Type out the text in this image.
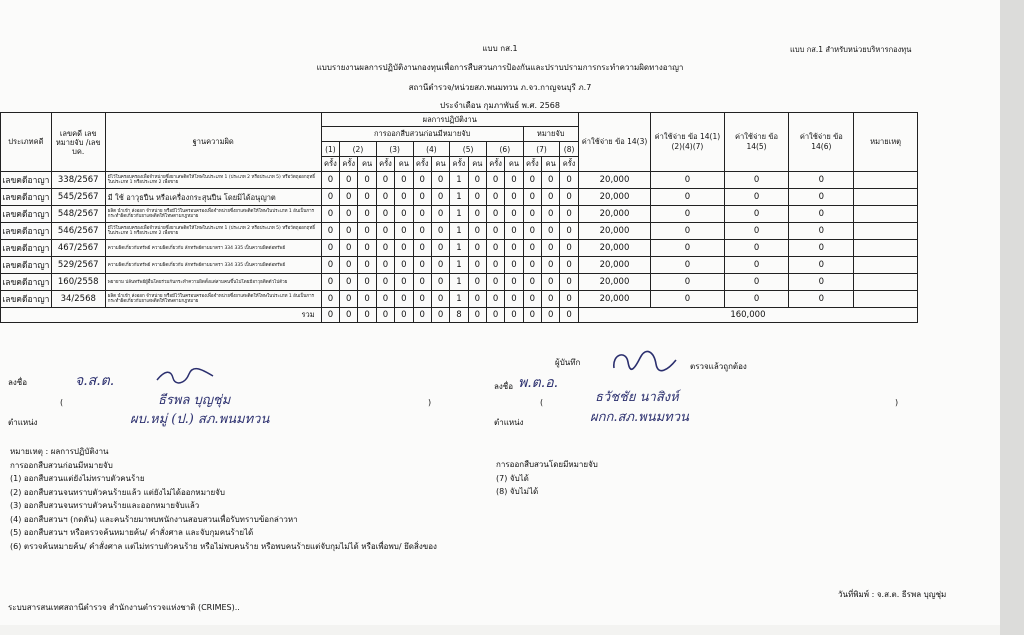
แบบ กส.1
แบบรายงานผลการปฏิบัติงานกองทุนเพื่อการสืบสวนการป้องกันและปราบปรามการกระทำความผิดทางอาญา
สถานีตำรวจ/หน่วยสภ.พนมทวน ภ.จว.กาญจนบุรี ภ.7
ประจำเดือน กุมภาพันธ์ พ.ศ. 2568
แบบ กส.1 สำหรับหน่วยบริหารกองทุน
ประเภทคดี	เลขคดี เลขหมายจับ /เลข บค.	ฐานความผิด	ผลการปฏิบัติงาน														ค่าใช้จ่าย ข้อ 14(3)	ค่าใช้จ่าย ข้อ 14(1)(2)(4)(7)	ค่าใช้จ่าย ข้อ 14(5)	ค่าใช้จ่าย ข้อ 14(6)	หมายเหตุ
			การออกสืบสวนก่อนมีหมายจับ											หมายจับ							
			(1)	(2)		(3)		(4)		(5)		(6)		(7)		(8)					
			ครั้ง	ครั้ง	คน	ครั้ง	คน	ครั้ง	คน	ครั้ง	คน	ครั้ง	คน	ครั้ง	คน	ครั้ง					
เลขคดีอาญา	338/2567	มีไว้ในครอบครองเพื่อจำหน่ายซึ่งยาเสพติดให้โทษในประเภท 1 (ประเภท 2 หรือประเภท 5) หรือวัตถุออกฤทธิ์ในประเภท 1 หรือประเภท 2 เพื่อขาย	0	0	0	0	0	0	0	1	0	0	0	0	0	0	20,000	0	0	0	
เลขคดีอาญา	545/2567	มี ใช้ อาวุธปืน หรือเครื่องกระสุนปืน โดยมิได้อนุญาต	0	0	0	0	0	0	0	1	0	0	0	0	0	0	20,000	0	0	0	
เลขคดีอาญา	548/2567	ผลิต นำเข้า ส่งออก จำหน่าย หรือมีไว้ในครอบครองเพื่อจำหน่ายซึ่งยาเสพติดให้โทษในประเภท 1 อันเป็นการกระทำผิดเกี่ยวกับยาเสพติดให้โทษตามกฎหมาย	0	0	0	0	0	0	0	1	0	0	0	0	0	0	20,000	0	0	0	
เลขคดีอาญา	546/2567	มีไว้ในครอบครองเพื่อจำหน่ายซึ่งยาเสพติดให้โทษในประเภท 1 (ประเภท 2 หรือประเภท 5) หรือวัตถุออกฤทธิ์ในประเภท 1 หรือประเภท 2 เพื่อขาย	0	0	0	0	0	0	0	1	0	0	0	0	0	0	20,000	0	0	0	
เลขคดีอาญา	467/2567	ความผิดเกี่ยวกับทรัพย์ ความผิดเกี่ยวกับ ลักทรัพย์ตามมาตรา 334 335 เป็นความผิดต่อทรัพย์	0	0	0	0	0	0	0	1	0	0	0	0	0	0	20,000	0	0	0	
เลขคดีอาญา	529/2567	ความผิดเกี่ยวกับทรัพย์ ความผิดเกี่ยวกับ ลักทรัพย์ตามมาตรา 334 335 เป็นความผิดต่อทรัพย์	0	0	0	0	0	0	0	1	0	0	0	0	0	0	20,000	0	0	0	
เลขคดีอาญา	160/2558	พยายาม ปล้นทรัพย์ผู้อื่นโดยร่วมกันกระทำความผิดตั้งแต่สามคนขึ้นไปโดยมีอาวุธติดตัวไปด้วย	0	0	0	0	0	0	0	1	0	0	0	0	0	0	20,000	0	0	0	
เลขคดีอาญา	34/2568	ผลิต นำเข้า ส่งออก จำหน่าย หรือมีไว้ในครอบครองเพื่อจำหน่ายซึ่งยาเสพติดให้โทษในประเภท 1 อันเป็นการกระทำผิดเกี่ยวกับยาเสพติดให้โทษตามกฎหมาย	0	0	0	0	0	0	0	1	0	0	0	0	0	0	20,000	0	0	0	
รวม			0	0	0	0	0	0	0	8	0	0	0	0	0	0	160,000				
ผู้บันทึก
ลงชื่อ	จ.ส.ต.
(	ธีรพล บุญชุ่ม	)
ตำแหน่ง	ผบ.หมู่ (ป.) สภ.พนมทวน
ตรวจแล้วถูกต้อง
ลงชื่อ พ.ต.อ.
(	ธวัชชัย นาสิงห์	)
ตำแหน่ง	ผกก.สภ.พนมทวน
หมายเหตุ : ผลการปฏิบัติงาน
การออกสืบสวนก่อนมีหมายจับ
(1) ออกสืบสวนแต่ยังไม่ทราบตัวคนร้าย
(2) ออกสืบสวนจนทราบตัวคนร้ายแล้ว แต่ยังไม่ได้ออกหมายจับ
(3) ออกสืบสวนจนทราบตัวคนร้ายและออกหมายจับแล้ว
(4) ออกสืบสวนฯ (กดดัน) และคนร้ายมาพบพนักงานสอบสวนเพื่อรับทราบข้อกล่าวหา
(5) ออกสืบสวนฯ หรือตรวจค้นหมายค้น/ คำสั่งศาล และจับกุมคนร้ายได้
(6) ตรวจค้นหมายค้น/ คำสั่งศาล แต่ไม่ทราบตัวคนร้าย หรือไม่พบคนร้าย หรือพบคนร้ายแต่จับกุมไม่ได้ หรือเพื่อพบ/ ยึดสิ่งของ
การออกสืบสวนโดยมีหมายจับ
(7) จับได้
(8) จับไม่ได้
วันที่พิมพ์ : จ.ส.ต. ธีรพล บุญชุ่ม
ระบบสารสนเทศสถานีตำรวจ สำนักงานตำรวจแห่งชาติ (CRIMES)..
